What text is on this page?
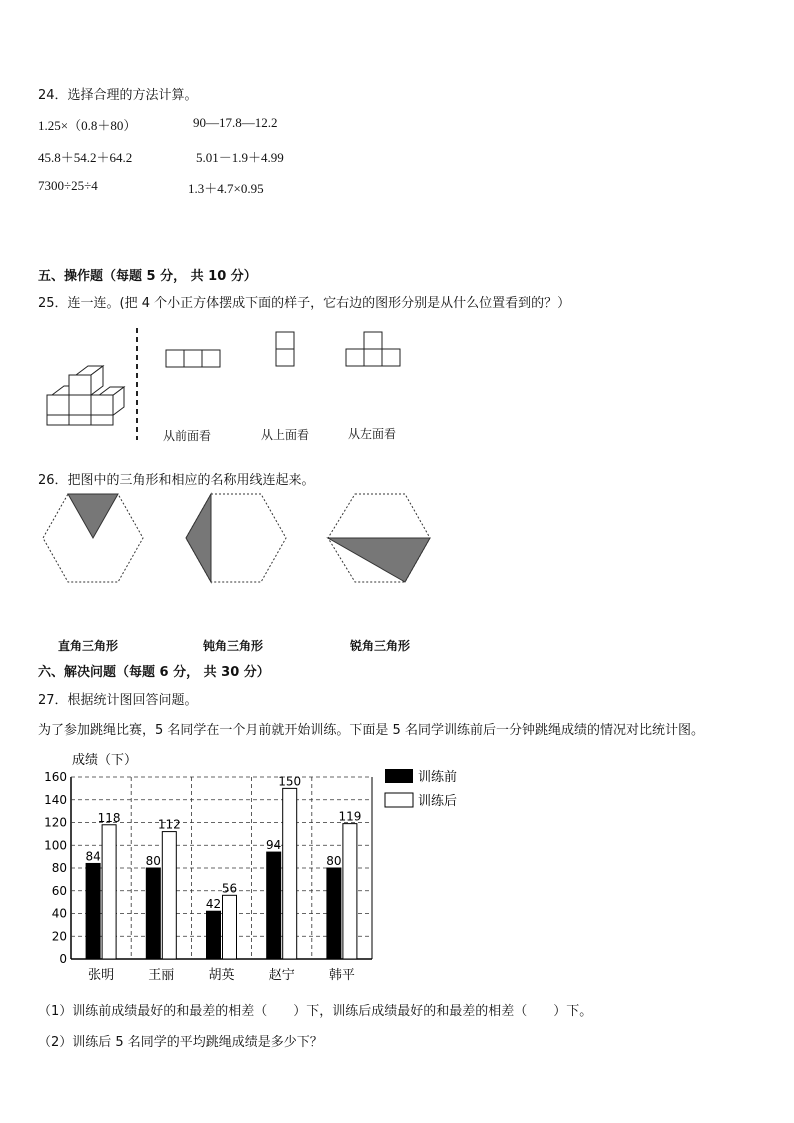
24．选择合理的方法计算。
1.25×（0.8＋80）	90—17.8—12.2
45.8＋54.2＋64.2	5.01－1.9＋4.99
7300÷25÷4	1.3＋4.7×0.95
五、操作题（每题 5 分， 共 10 分）
25．连一连。(把 4 个小正方体摆成下面的样子，它右边的图形分别是从什么位置看到的？）
从前面看	从上面看	从左面看
26．把图中的三角形和相应的名称用线连起来。
直角三角形	钝角三角形	锐角三角形
六、解决问题（每题 6 分， 共 30 分）
27．根据统计图回答问题。
为了参加跳绳比赛，5 名同学在一个月前就开始训练。下面是 5 名同学训练前后一分钟跳绳成绩的情况对比统计图。
成绩（下）
0
20
40
60
80
100
120
140
160
84
118
80
112
42
56
94
150
80
119
张明	王丽	胡英	赵宁	韩平
训练前
训练后
（1）训练前成绩最好的和最差的相差（　　）下，训练后成绩最好的和最差的相差（　　）下。
（2）训练后 5 名同学的平均跳绳成绩是多少下？
